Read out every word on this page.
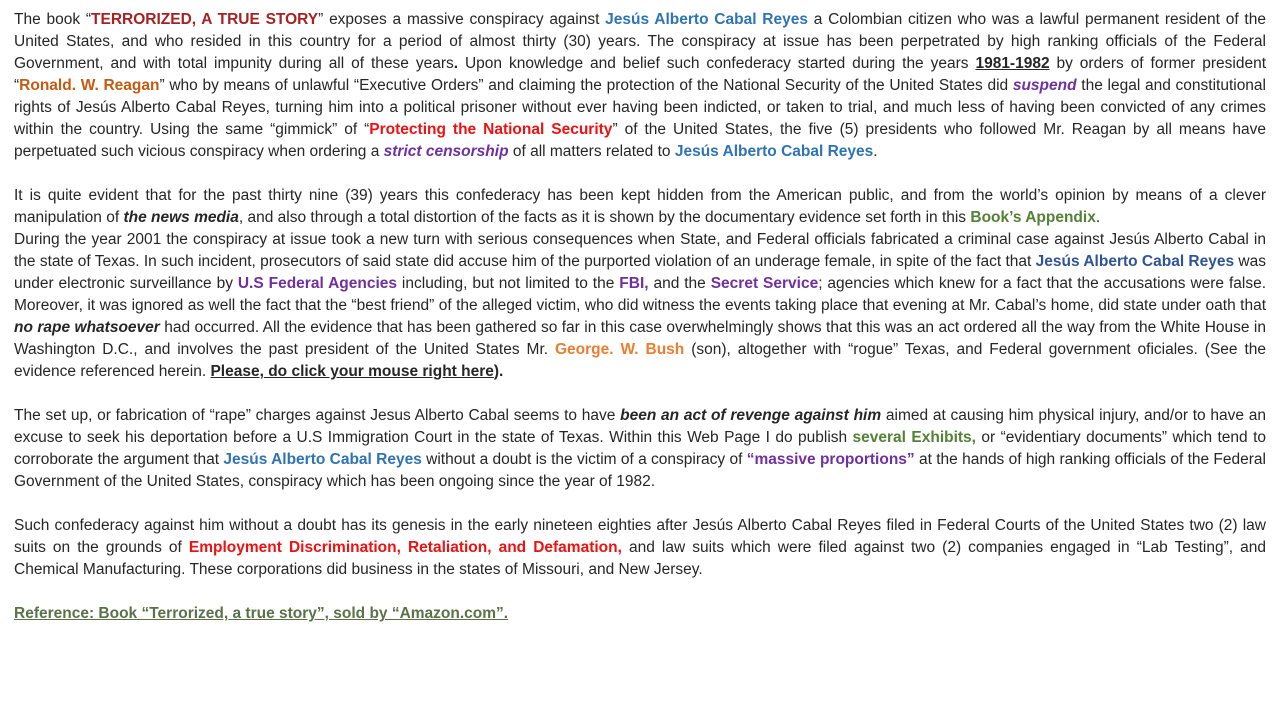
The book “TERRORIZED, A TRUE STORY” exposes a massive conspiracy against Jesús Alberto Cabal Reyes a Colombian citizen who was a lawful permanent resident of the United States, and who resided in this country for a period of almost thirty (30) years. The conspiracy at issue has been perpetrated by high ranking officials of the Federal Government, and with total impunity during all of these years. Upon knowledge and belief such confederacy started during the years 1981-1982 by orders of former president “Ronald. W. Reagan” who by means of unlawful “Executive Orders” and claiming the protection of the National Security of the United States did suspend the legal and constitutional rights of Jesús Alberto Cabal Reyes, turning him into a political prisoner without ever having been indicted, or taken to trial, and much less of having been convicted of any crimes within the country. Using the same “gimmick” of “Protecting the National Security” of the United States, the five (5) presidents who followed Mr. Reagan by all means have perpetuated such vicious conspiracy when ordering a strict censorship of all matters related to Jesús Alberto Cabal Reyes.

It is quite evident that for the past thirty nine (39) years this confederacy has been kept hidden from the American public, and from the world’s opinion by means of a clever manipulation of the news media, and also through a total distortion of the facts as it is shown by the documentary evidence set forth in this Book’s Appendix.

During the year 2001 the conspiracy at issue took a new turn with serious consequences when State, and Federal officials fabricated a criminal case against Jesús Alberto Cabal in the state of Texas. In such incident, prosecutors of said state did accuse him of the purported violation of an underage female, in spite of the fact that Jesús Alberto Cabal Reyes was under electronic surveillance by U.S Federal Agencies including, but not limited to the FBI, and the Secret Service; agencies which knew for a fact that the accusations were false. Moreover, it was ignored as well the fact that the “best friend” of the alleged victim, who did witness the events taking place that evening at Mr. Cabal’s home, did state under oath that no rape whatsoever had occurred. All the evidence that has been gathered so far in this case overwhelmingly shows that this was an act ordered all the way from the White House in Washington D.C., and involves the past president of the United States Mr. George. W. Bush (son), altogether with “rogue” Texas, and Federal government oficiales. (See the evidence referenced herein. Please, do click your mouse right here).

The set up, or fabrication of “rape” charges against Jesus Alberto Cabal seems to have been an act of revenge against him aimed at causing him physical injury, and/or to have an excuse to seek his deportation before a U.S Immigration Court in the state of Texas. Within this Web Page I do publish several Exhibits, or “evidentiary documents” which tend to corroborate the argument that Jesús Alberto Cabal Reyes without a doubt is the victim of a conspiracy of “massive proportions” at the hands of high ranking officials of the Federal Government of the United States, conspiracy which has been ongoing since the year of 1982.

Such confederacy against him without a doubt has its genesis in the early nineteen eighties after Jesús Alberto Cabal Reyes filed in Federal Courts of the United States two (2) law suits on the grounds of Employment Discrimination, Retaliation, and Defamation, and law suits which were filed against two (2) companies engaged in “Lab Testing”, and Chemical Manufacturing. These corporations did business in the states of Missouri, and New Jersey.

Reference: Book “Terrorized, a true story”, sold by “Amazon.com”.
